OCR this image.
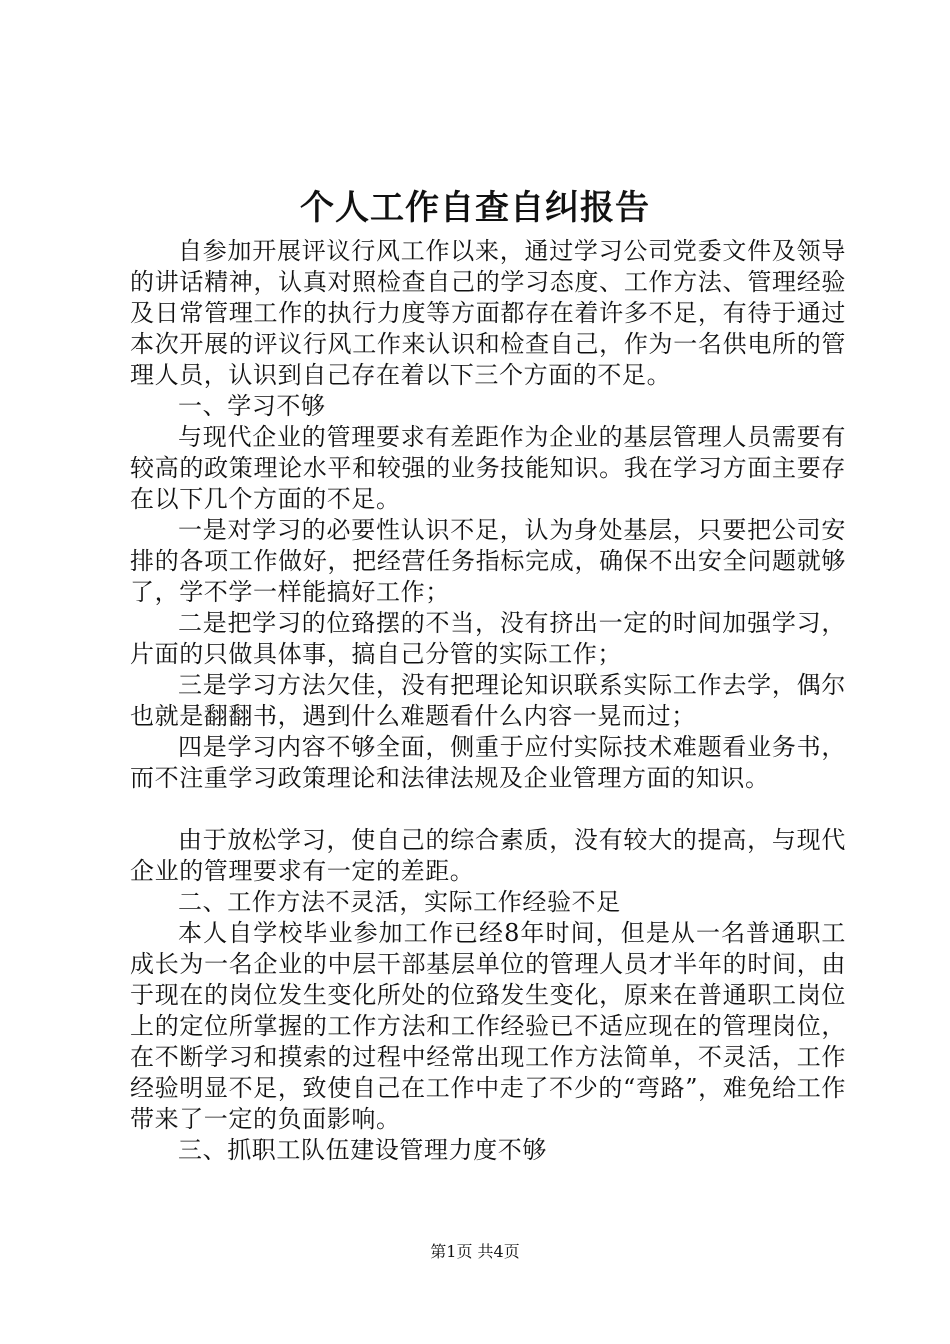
个人工作自查自纠报告

自参加开展评议行风工作以来，通过学习公司党委文件及领导的讲话精神，认真对照检查自己的学习态度、工作方法、管理经验及日常管理工作的执行力度等方面都存在着许多不足，有待于通过本次开展的评议行风工作来认识和检查自己，作为一名供电所的管理人员，认识到自己存在着以下三个方面的不足。

一、学习不够

与现代企业的管理要求有差距作为企业的基层管理人员需要有较高的政策理论水平和较强的业务技能知识。我在学习方面主要存在以下几个方面的不足。

一是对学习的必要性认识不足，认为身处基层，只要把公司安排的各项工作做好，把经营任务指标完成，确保不出安全问题就够了，学不学一样能搞好工作；

二是把学习的位臵摆的不当，没有挤出一定的时间加强学习，片面的只做具体事，搞自己分管的实际工作；

三是学习方法欠佳，没有把理论知识联系实际工作去学，偶尔也就是翻翻书，遇到什么难题看什么内容一晃而过；

四是学习内容不够全面，侧重于应付实际技术难题看业务书，而不注重学习政策理论和法律法规及企业管理方面的知识。

由于放松学习，使自己的综合素质，没有较大的提高，与现代企业的管理要求有一定的差距。

二、工作方法不灵活，实际工作经验不足

本人自学校毕业参加工作已经8年时间，但是从一名普通职工成长为一名企业的中层干部基层单位的管理人员才半年的时间，由于现在的岗位发生变化所处的位臵发生变化，原来在普通职工岗位上的定位所掌握的工作方法和工作经验已不适应现在的管理岗位，在不断学习和摸索的过程中经常出现工作方法简单，不灵活，工作经验明显不足，致使自己在工作中走了不少的“弯路”，难免给工作带来了一定的负面影响。

三、抓职工队伍建设管理力度不够

第1页 共4页
